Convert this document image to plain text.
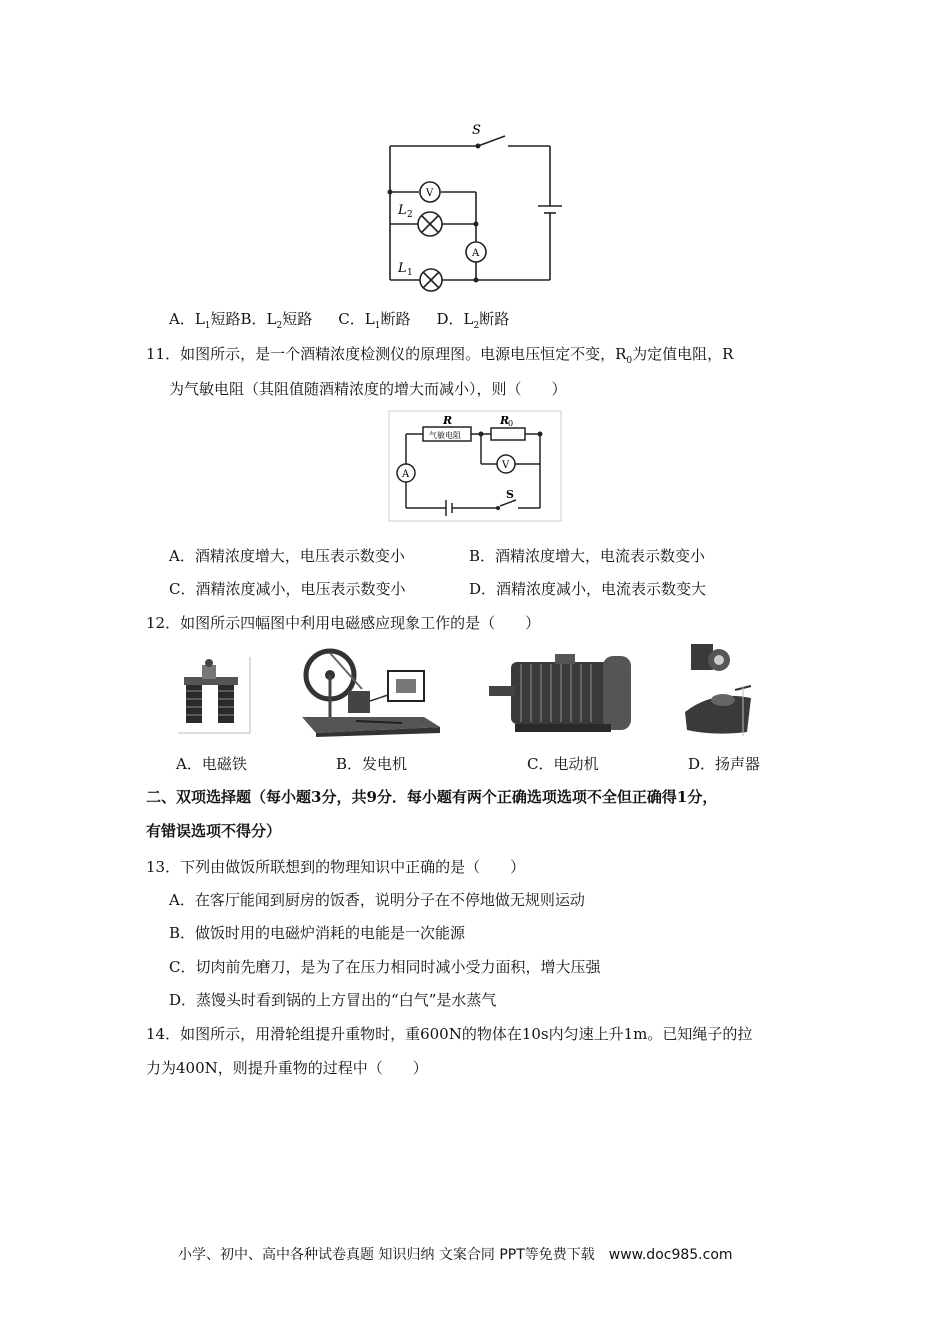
S
V
L 2
A
L 1
A．$L_1$短路B．$L_2$短路 C．$L_1$断路 D．$L_2$断路
11．如图所示，是一个酒精浓度检测仪的原理图。电源电压恒定不变，$R_0$为定值电阻，R
为气敏电阻（其阻值随酒精浓度的增大而减小），则（　　）
R
气敏电阻
R
0
V
A
S
A．酒精浓度增大，电压表示数变小	B．酒精浓度增大，电流表示数变小
C．酒精浓度减小，电压表示数变小	D．酒精浓度减小，电流表示数变大
12．如图所示四幅图中利用电磁感应现象工作的是（　　）
A．电磁铁	B．发电机	C．电动机	D．扬声器
二、双项选择题（每小题3分，共9分．每小题有两个正确选项选项不全但正确得1分，
有错误选项不得分）
13．下列由做饭所联想到的物理知识中正确的是（　　）
A．在客厅能闻到厨房的饭香，说明分子在不停地做无规则运动
B．做饭时用的电磁炉消耗的电能是一次能源
C．切肉前先磨刀，是为了在压力相同时减小受力面积，增大压强
D．蒸馒头时看到锅的上方冒出的“白气”是水蒸气
14．如图所示，用滑轮组提升重物时，重600N的物体在10s内匀速上升1m。已知绳子的拉
力为400N，则提升重物的过程中（　　）
小学、初中、高中各种试卷真题 知识归纳 文案合同 PPT等免费下载　www.doc985.com
